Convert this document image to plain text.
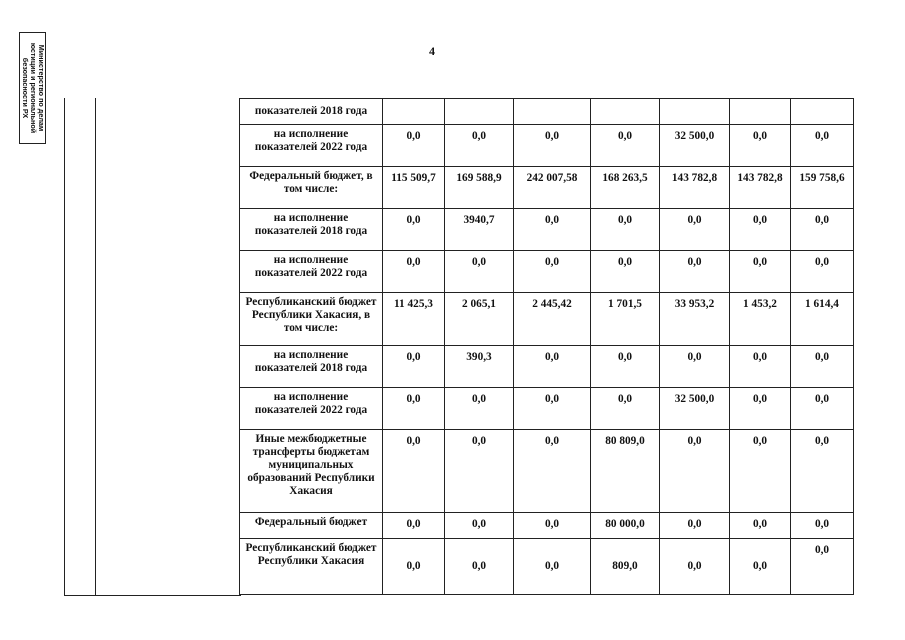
4
Министерство по делам
юстиции и региональной
безопасности РХ	показателей 2018 года							
на исполнение показателей 2022 года	0,0	0,0	0,0	0,0	32 500,0	0,0	0,0
Федеральный бюджет, в том числе:	115 509,7	169 588,9	242 007,58	168 263,5	143 782,8	143 782,8	159 758,6
на исполнение показателей 2018 года	0,0	3940,7	0,0	0,0	0,0	0,0	0,0
на исполнение показателей 2022 года	0,0	0,0	0,0	0,0	0,0	0,0	0,0
Республиканский бюджет Республики Хакасия, в том числе:	11 425,3	2 065,1	2 445,42	1 701,5	33 953,2	1 453,2	1 614,4
на исполнение показателей 2018 года	0,0	390,3	0,0	0,0	0,0	0,0	0,0
на исполнение показателей 2022 года	0,0	0,0	0,0	0,0	32 500,0	0,0	0,0
Иные межбюджетные трансферты бюджетам муниципальных образований Республики Хакасия	0,0	0,0	0,0	80 809,0	0,0	0,0	0,0
Федеральный бюджет	0,0	0,0	0,0	80 000,0	0,0	0,0	0,0
Республиканский бюджет Республики Хакасия	0,0	0,0	0,0	809,0	0,0	0,0	0,0
